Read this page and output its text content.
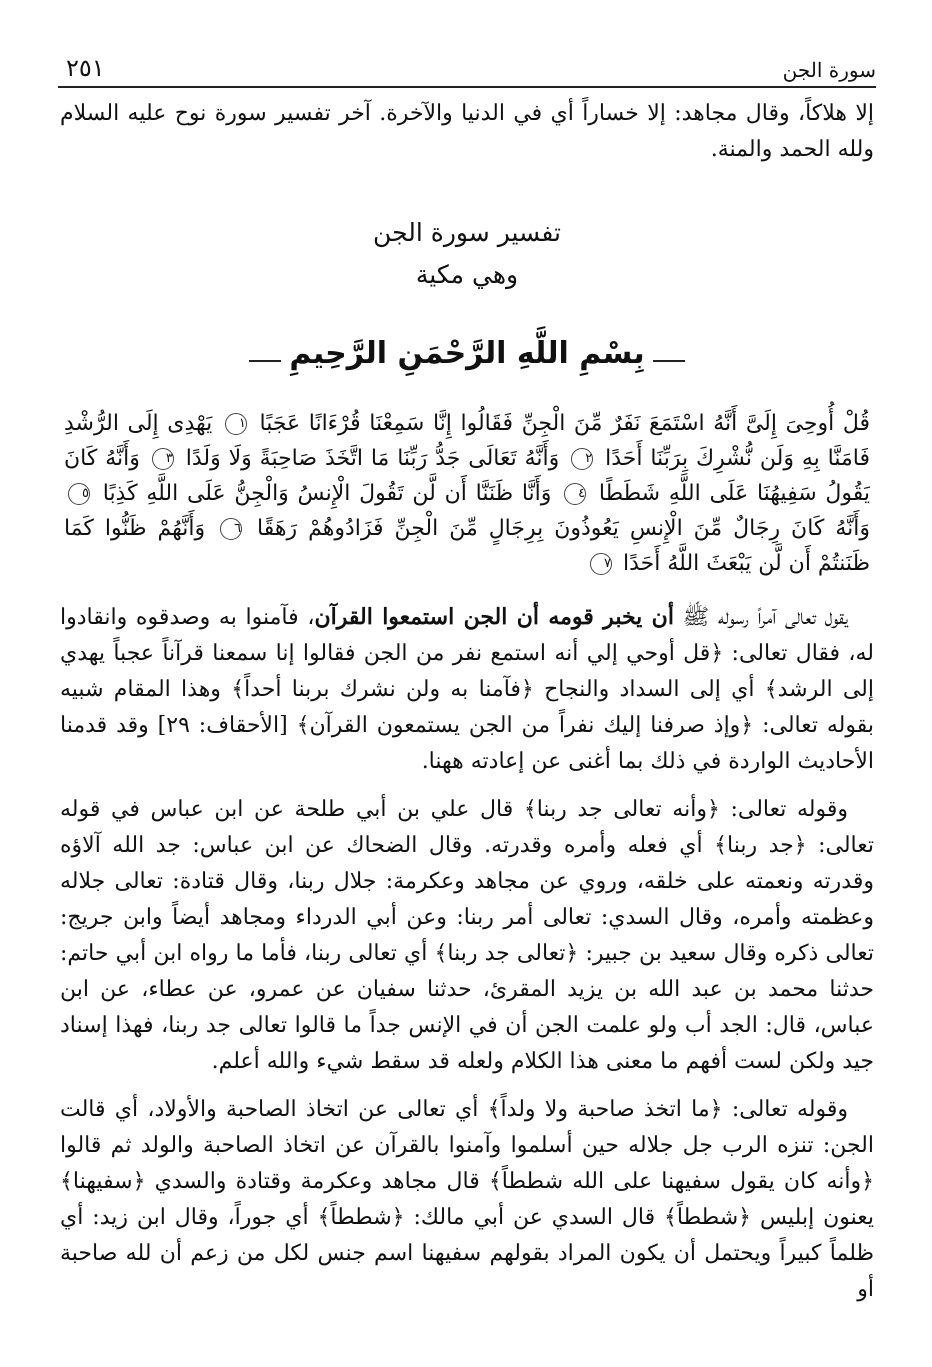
سورة الجن
٢٥١

إلا هلاكاً، وقال مجاهد: إلا خساراً أي في الدنيا والآخرة. آخر تفسير سورة نوح عليه السلام ولله الحمد والمنة.

تفسير سورة الجن
وهي مكية
بِسْمِ اللَّهِ الرَّحْمَنِ الرَّحِيمِ
قُلْ أُوحِىَ إِلَىَّ أَنَّهُ اسْتَمَعَ نَفَرٌ مِّنَ الْجِنِّ فَقَالُوا إِنَّا سَمِعْنَا قُرْءَانًا عَجَبًا ١ يَهْدِى إِلَى الرُّشْدِ فَامَنَّا بِهِ وَلَن نُّشْرِكَ بِرَبِّنَا أَحَدًا ٢ وَأَنَّهُ تَعَالَى جَدُّ رَبِّنَا مَا اتَّخَذَ صَاحِبَةً وَلَا وَلَدًا ٣ وَأَنَّهُ كَانَ يَقُولُ سَفِيهُنَا عَلَى اللَّهِ شَطَطًا ٤ وَأَنَّا ظَنَنَّا أَن لَّن تَقُولَ الْإِنسُ وَالْجِنُّ عَلَى اللَّهِ كَذِبًا ٥ وَأَنَّهُ كَانَ رِجَالٌ مِّنَ الْإِنسِ يَعُوذُونَ بِرِجَالٍ مِّنَ الْجِنِّ فَزَادُوهُمْ رَهَقًا ٦ وَأَنَّهُمْ ظَنُّوا كَمَا ظَنَنتُمْ أَن لَّن يَبْعَثَ اللَّهُ أَحَدًا ٧

يقول تعالى آمراً رسوله ﷺ أن يخبر قومه أن الجن استمعوا القرآن، فآمنوا به وصدقوه وانقادوا له، فقال تعالى: ﴿قل أوحي إلي أنه استمع نفر من الجن فقالوا إنا سمعنا قرآناً عجباً يهدي إلى الرشد﴾ أي إلى السداد والنجاح ﴿فآمنا به ولن نشرك بربنا أحداً﴾ وهذا المقام شبيه بقوله تعالى: ﴿وإذ صرفنا إليك نفراً من الجن يستمعون القرآن﴾ [الأحقاف: ٢٩] وقد قدمنا الأحاديث الواردة في ذلك بما أغنى عن إعادته ههنا.

وقوله تعالى: ﴿وأنه تعالى جد ربنا﴾ قال علي بن أبي طلحة عن ابن عباس في قوله تعالى: ﴿جد ربنا﴾ أي فعله وأمره وقدرته. وقال الضحاك عن ابن عباس: جد الله آلاؤه وقدرته ونعمته على خلقه، وروي عن مجاهد وعكرمة: جلال ربنا، وقال قتادة: تعالى جلاله وعظمته وأمره، وقال السدي: تعالى أمر ربنا: وعن أبي الدرداء ومجاهد أيضاً وابن جريج: تعالى ذكره وقال سعيد بن جبير: ﴿تعالى جد ربنا﴾ أي تعالى ربنا، فأما ما رواه ابن أبي حاتم: حدثنا محمد بن عبد الله بن يزيد المقرئ، حدثنا سفيان عن عمرو، عن عطاء، عن ابن عباس، قال: الجد أب ولو علمت الجن أن في الإنس جداً ما قالوا تعالى جد ربنا، فهذا إسناد جيد ولكن لست أفهم ما معنى هذا الكلام ولعله قد سقط شيء والله أعلم.

وقوله تعالى: ﴿ما اتخذ صاحبة ولا ولداً﴾ أي تعالى عن اتخاذ الصاحبة والأولاد، أي قالت الجن: تنزه الرب جل جلاله حين أسلموا وآمنوا بالقرآن عن اتخاذ الصاحبة والولد ثم قالوا ﴿وأنه كان يقول سفيهنا على الله شططاً﴾ قال مجاهد وعكرمة وقتادة والسدي ﴿سفيهنا﴾ يعنون إبليس ﴿شططاً﴾ قال السدي عن أبي مالك: ﴿شططاً﴾ أي جوراً، وقال ابن زيد: أي ظلماً كبيراً ويحتمل أن يكون المراد بقولهم سفيهنا اسم جنس لكل من زعم أن لله صاحبة أو
